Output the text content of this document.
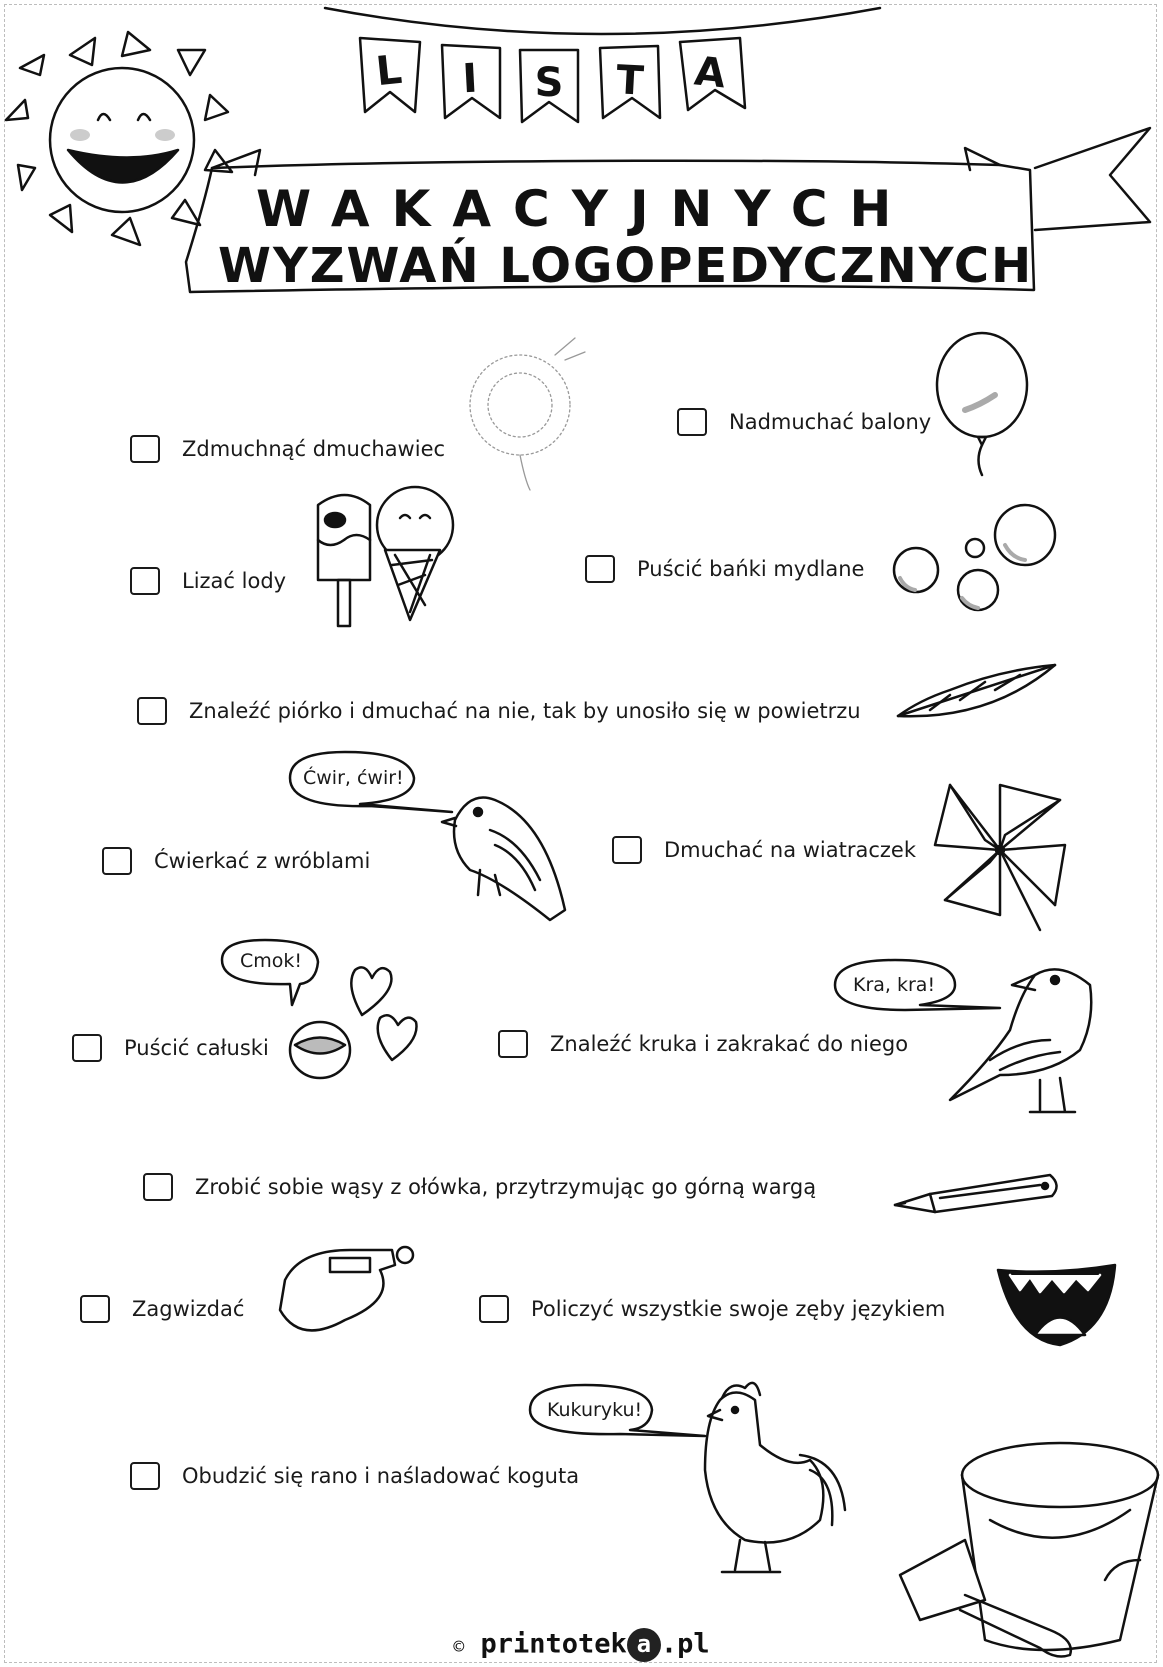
L	I	S	T	A
WAKACYJNYCH
WYZWAŃ LOGOPEDYCZNYCH
Zdmuchnąć dmuchawiec
Nadmuchać balony
Lizać lody	Puścić bańki mydlane
Znaleźć piórko i dmuchać na nie, tak by unosiło się w powietrzu
Ćwierkać z wróblami	Dmuchać na wiatraczek
Puścić całuski	Znaleźć kruka i zakrakać do niego
Zrobić sobie wąsy z ołówka, przytrzymując go górną wargą
Zagwizdać	Policzyć wszystkie swoje zęby językiem
Obudzić się rano i naśladować koguta
Ćwir, ćwir!
Cmok!
Kra, kra!
Kukuryku!
© printotek a .pl
